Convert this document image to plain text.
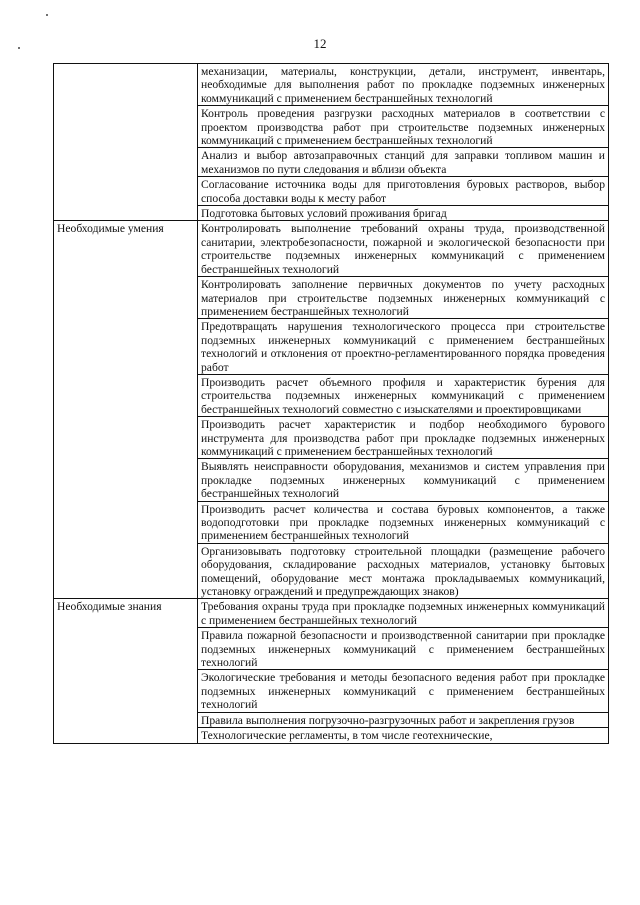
12
	механизации, материалы, конструкции, детали, инструмент, инвентарь, необходимые для выполнения работ по прокладке подземных инженерных коммуникаций с применением бестраншейных технологий
	Контроль проведения разгрузки расходных материалов в соответствии с проектом производства работ при строительстве подземных инженерных коммуникаций с применением бестраншейных технологий
	Анализ и выбор автозаправочных станций для заправки топливом машин и механизмов по пути следования и вблизи объекта
	Согласование источника воды для приготовления буровых растворов, выбор способа доставки воды к месту работ
	Подготовка бытовых условий проживания бригад
Необходимые умения	Контролировать выполнение требований охраны труда, производственной санитарии, электробезопасности, пожарной и экологической безопасности при строительстве подземных инженерных коммуникаций с применением бестраншейных технологий
	Контролировать заполнение первичных документов по учету расходных материалов при строительстве подземных инженерных коммуникаций с применением бестраншейных технологий
	Предотвращать нарушения технологического процесса при строительстве подземных инженерных коммуникаций с применением бестраншейных технологий и отклонения от проектно-регламентированного порядка проведения работ
	Производить расчет объемного профиля и характеристик бурения для строительства подземных инженерных коммуникаций с применением бестраншейных технологий совместно с изыскателями и проектировщиками
	Производить расчет характеристик и подбор необходимого бурового инструмента для производства работ при прокладке подземных инженерных коммуникаций с применением бестраншейных технологий
	Выявлять неисправности оборудования, механизмов и систем управления при прокладке подземных инженерных коммуникаций с применением бестраншейных технологий
	Производить расчет количества и состава буровых компонентов, а также водоподготовки при прокладке подземных инженерных коммуникаций с применением бестраншейных технологий
	Организовывать подготовку строительной площадки (размещение рабочего оборудования, складирование расходных материалов, установку бытовых помещений, оборудование мест монтажа прокладываемых коммуникаций, установку ограждений и предупреждающих знаков)
Необходимые знания	Требования охраны труда при прокладке подземных инженерных коммуникаций с применением бестраншейных технологий
	Правила пожарной безопасности и производственной санитарии при прокладке подземных инженерных коммуникаций с применением бестраншейных технологий
	Экологические требования и методы безопасного ведения работ при прокладке подземных инженерных коммуникаций с применением бестраншейных технологий
	Правила выполнения погрузочно-разгрузочных работ и закрепления грузов
	Технологические регламенты, в том числе геотехнические,
